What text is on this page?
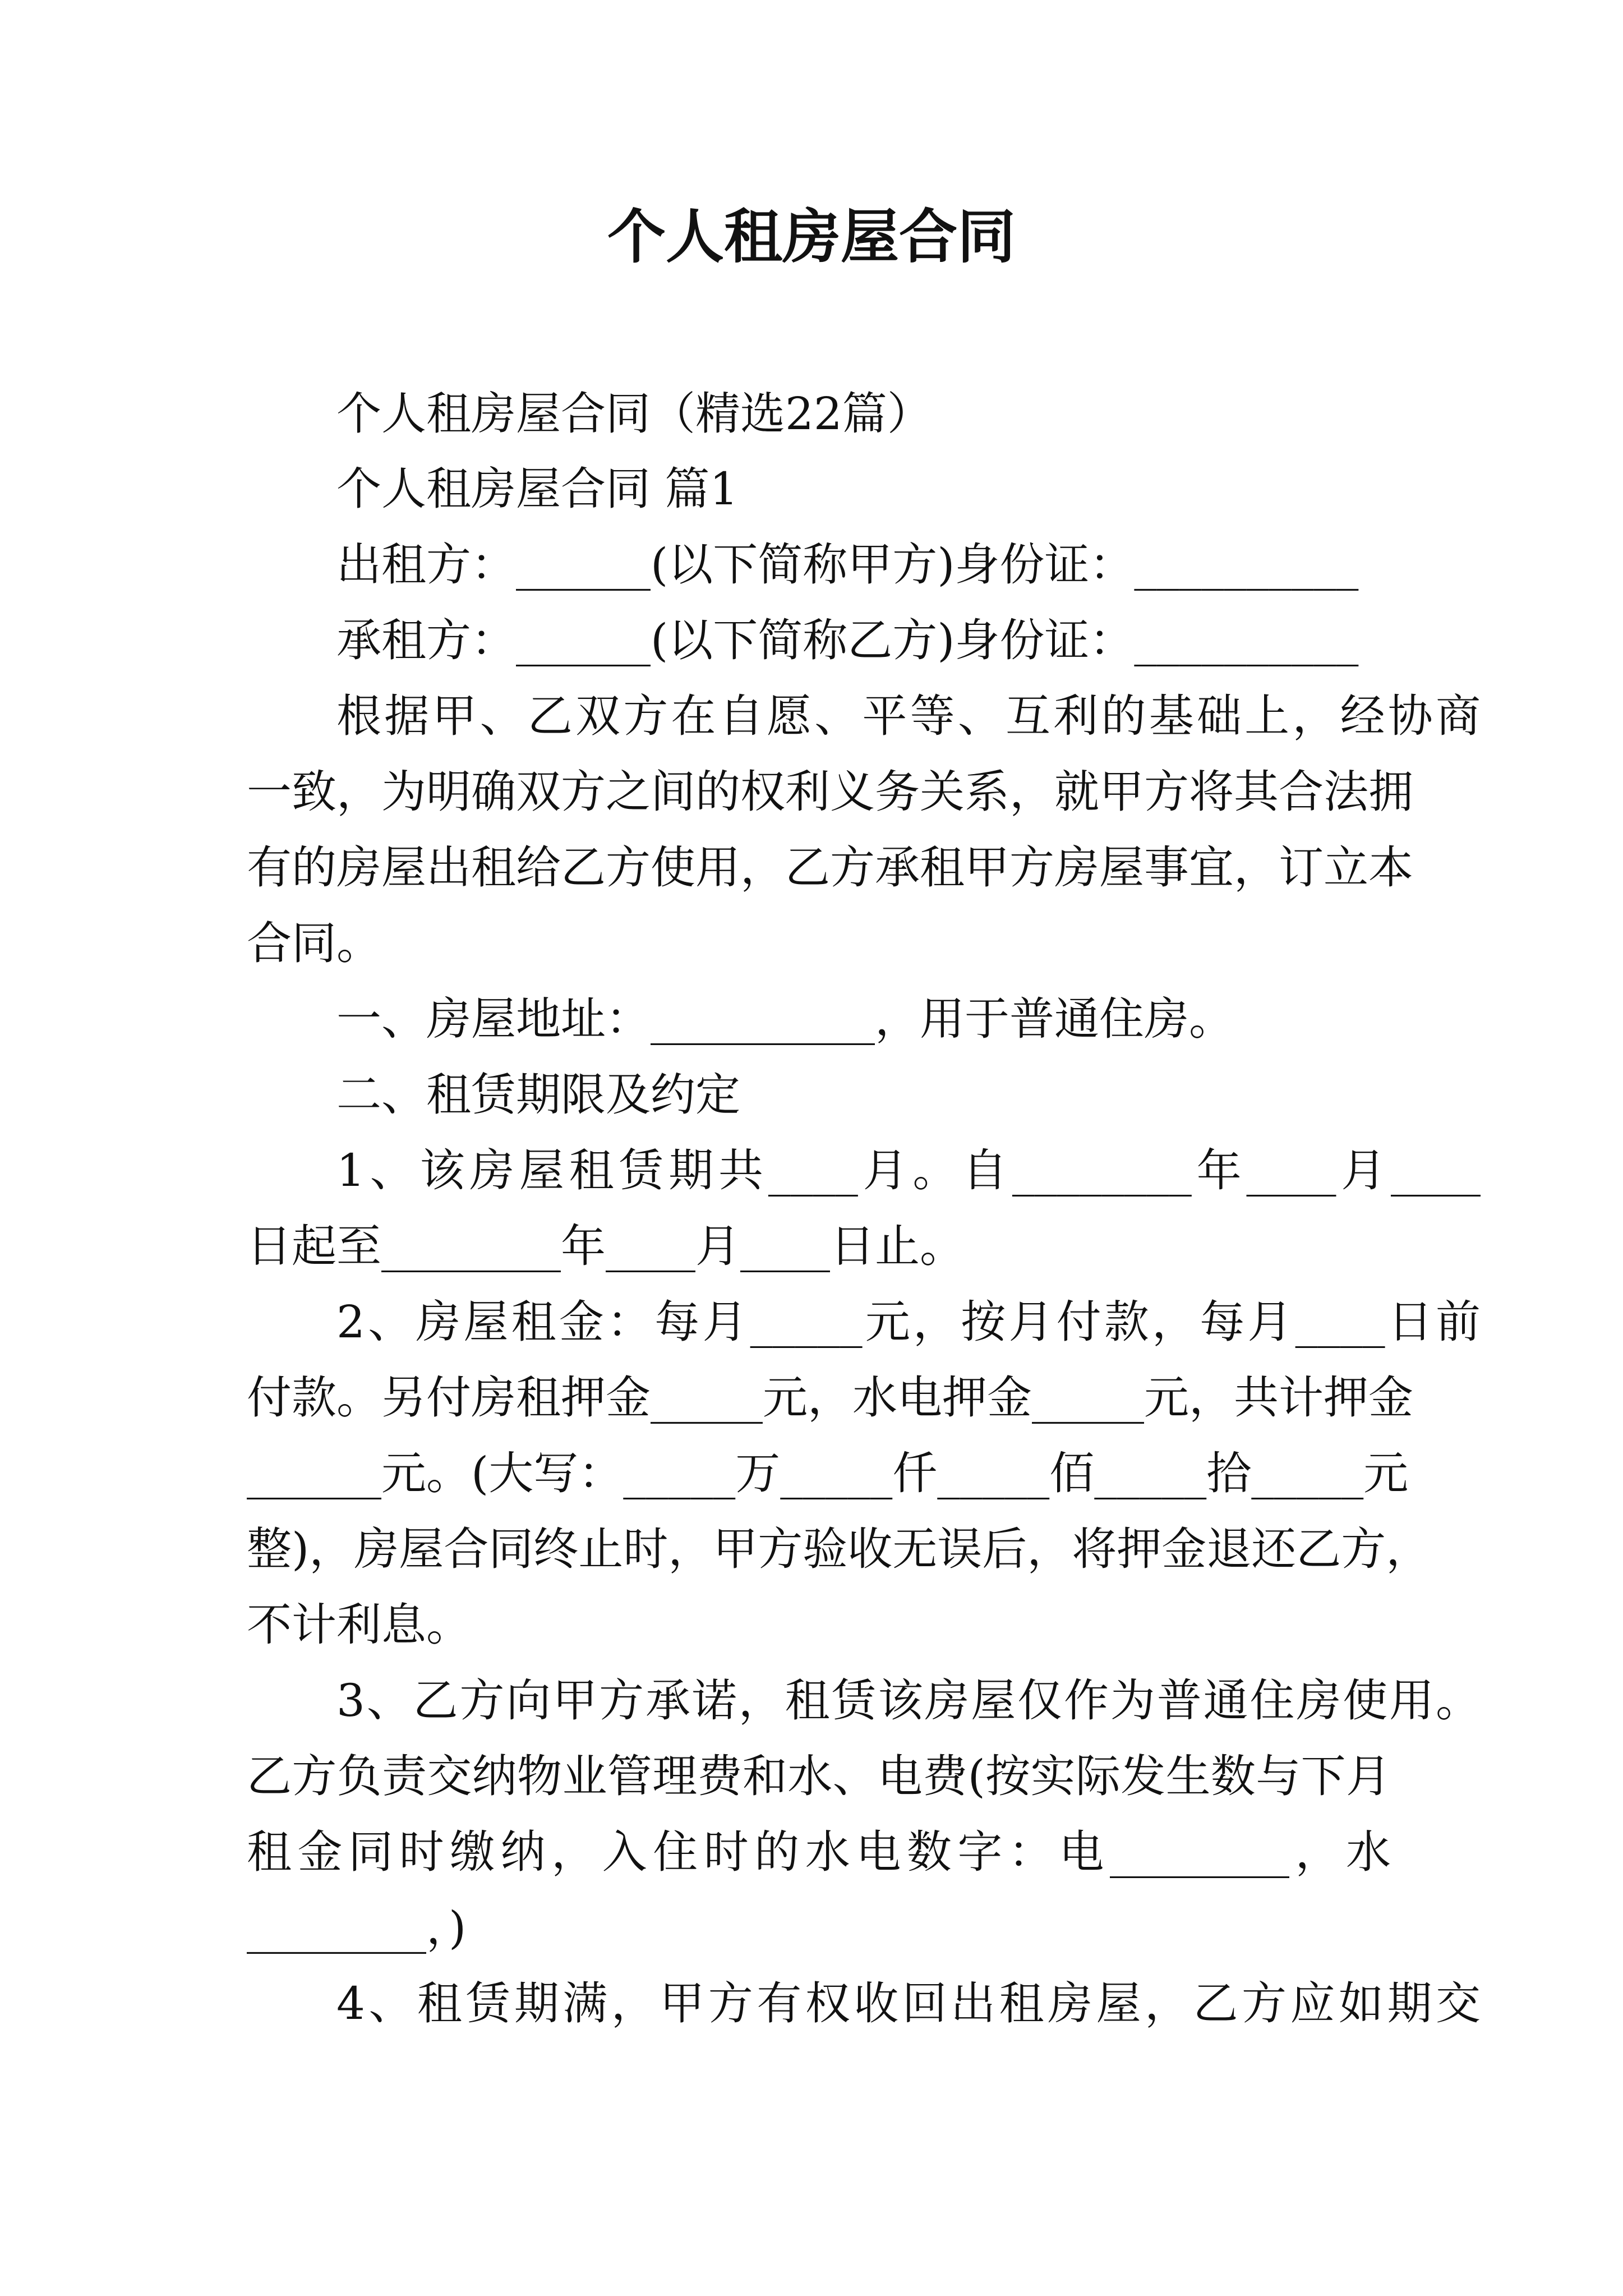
个人租房屋合同
个人租房屋合同（精选22篇）
个人租房屋合同 篇1
出租方：______(以下简称甲方)身份证：__________
承租方：______(以下简称乙方)身份证：__________
根据甲、乙双方在自愿、平等、互利的基础上，经协商
一致，为明确双方之间的权利义务关系，就甲方将其合法拥
有的房屋出租给乙方使用，乙方承租甲方房屋事宜，订立本
合同。
一、房屋地址：__________，用于普通住房。
二、租赁期限及约定
1、该房屋租赁期共____月。自________年____月____
日起至________年____月____日止。
2、房屋租金：每月_____元，按月付款，每月____日前
付款。另付房租押金_____元，水电押金_____元，共计押金
______元。(大写：_____万_____仟_____佰_____拾_____元
整)，房屋合同终止时，甲方验收无误后，将押金退还乙方，
不计利息。
3、乙方向甲方承诺，租赁该房屋仅作为普通住房使用。
乙方负责交纳物业管理费和水、电费(按实际发生数与下月
租金同时缴纳，入住时的水电数字：电________，水
________，)
4、租赁期满，甲方有权收回出租房屋，乙方应如期交
